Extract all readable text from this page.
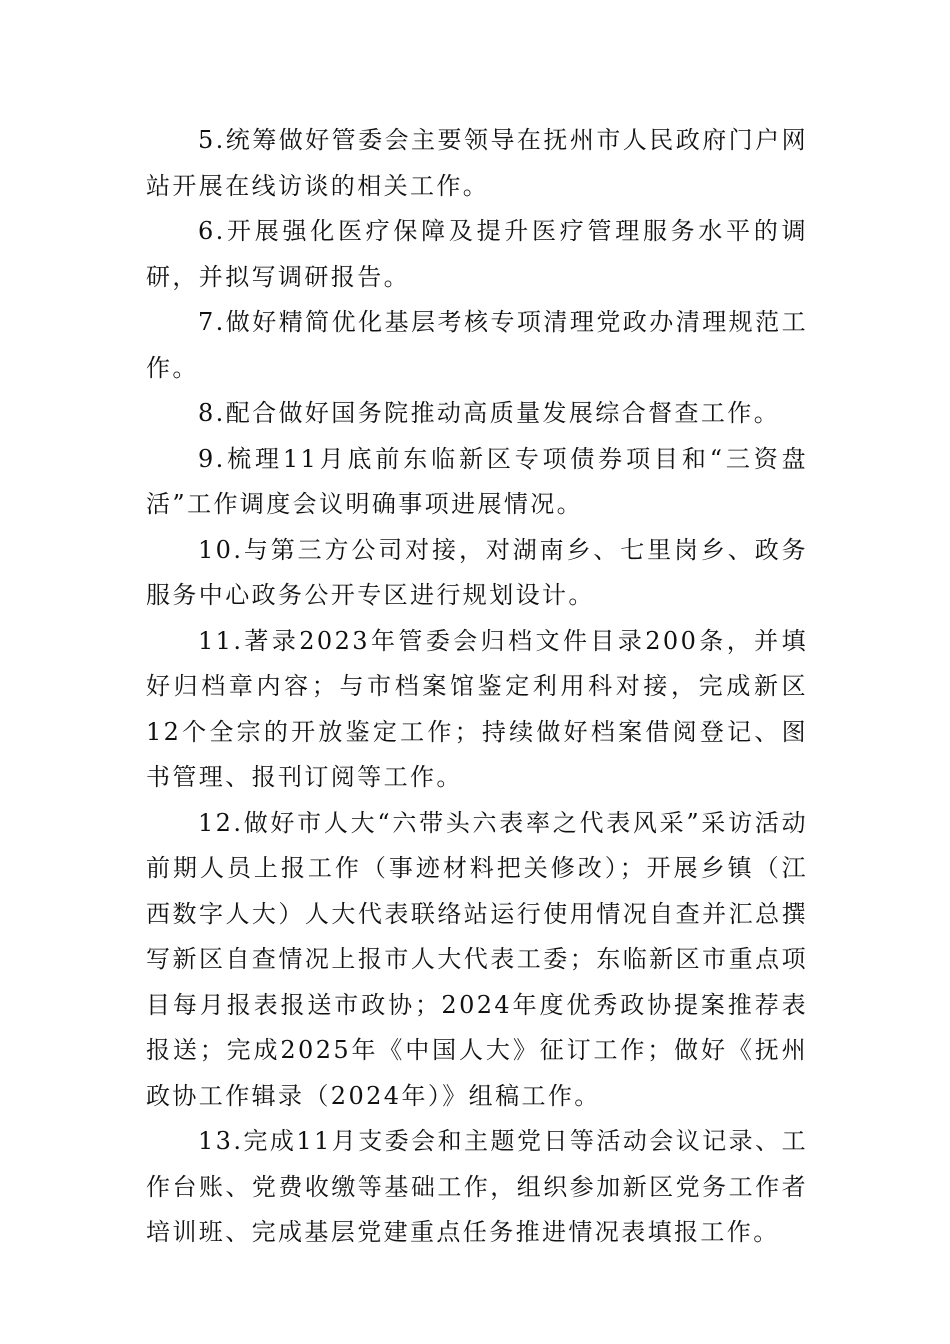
5.统筹做好管委会主要领导在抚州市人民政府门户网站开展在线访谈的相关工作。

6.开展强化医疗保障及提升医疗管理服务水平的调研，并拟写调研报告。

7.做好精简优化基层考核专项清理党政办清理规范工作。

8.配合做好国务院推动高质量发展综合督查工作。

9.梳理11月底前东临新区专项债券项目和“三资盘活”工作调度会议明确事项进展情况。

10.与第三方公司对接，对湖南乡、七里岗乡、政务服务中心政务公开专区进行规划设计。

11.著录2023年管委会归档文件目录200条，并填好归档章内容；与市档案馆鉴定利用科对接，完成新区12个全宗的开放鉴定工作；持续做好档案借阅登记、图书管理、报刊订阅等工作。

12.做好市人大“六带头六表率之代表风采”采访活动前期人员上报工作（事迹材料把关修改）；开展乡镇（江西数字人大）人大代表联络站运行使用情况自查并汇总撰写新区自查情况上报市人大代表工委；东临新区市重点项目每月报表报送市政协；2024年度优秀政协提案推荐表报送；完成2025年《中国人大》征订工作；做好《抚州政协工作辑录（2024年）》组稿工作。

13.完成11月支委会和主题党日等活动会议记录、工作台账、党费收缴等基础工作，组织参加新区党务工作者培训班、完成基层党建重点任务推进情况表填报工作。
